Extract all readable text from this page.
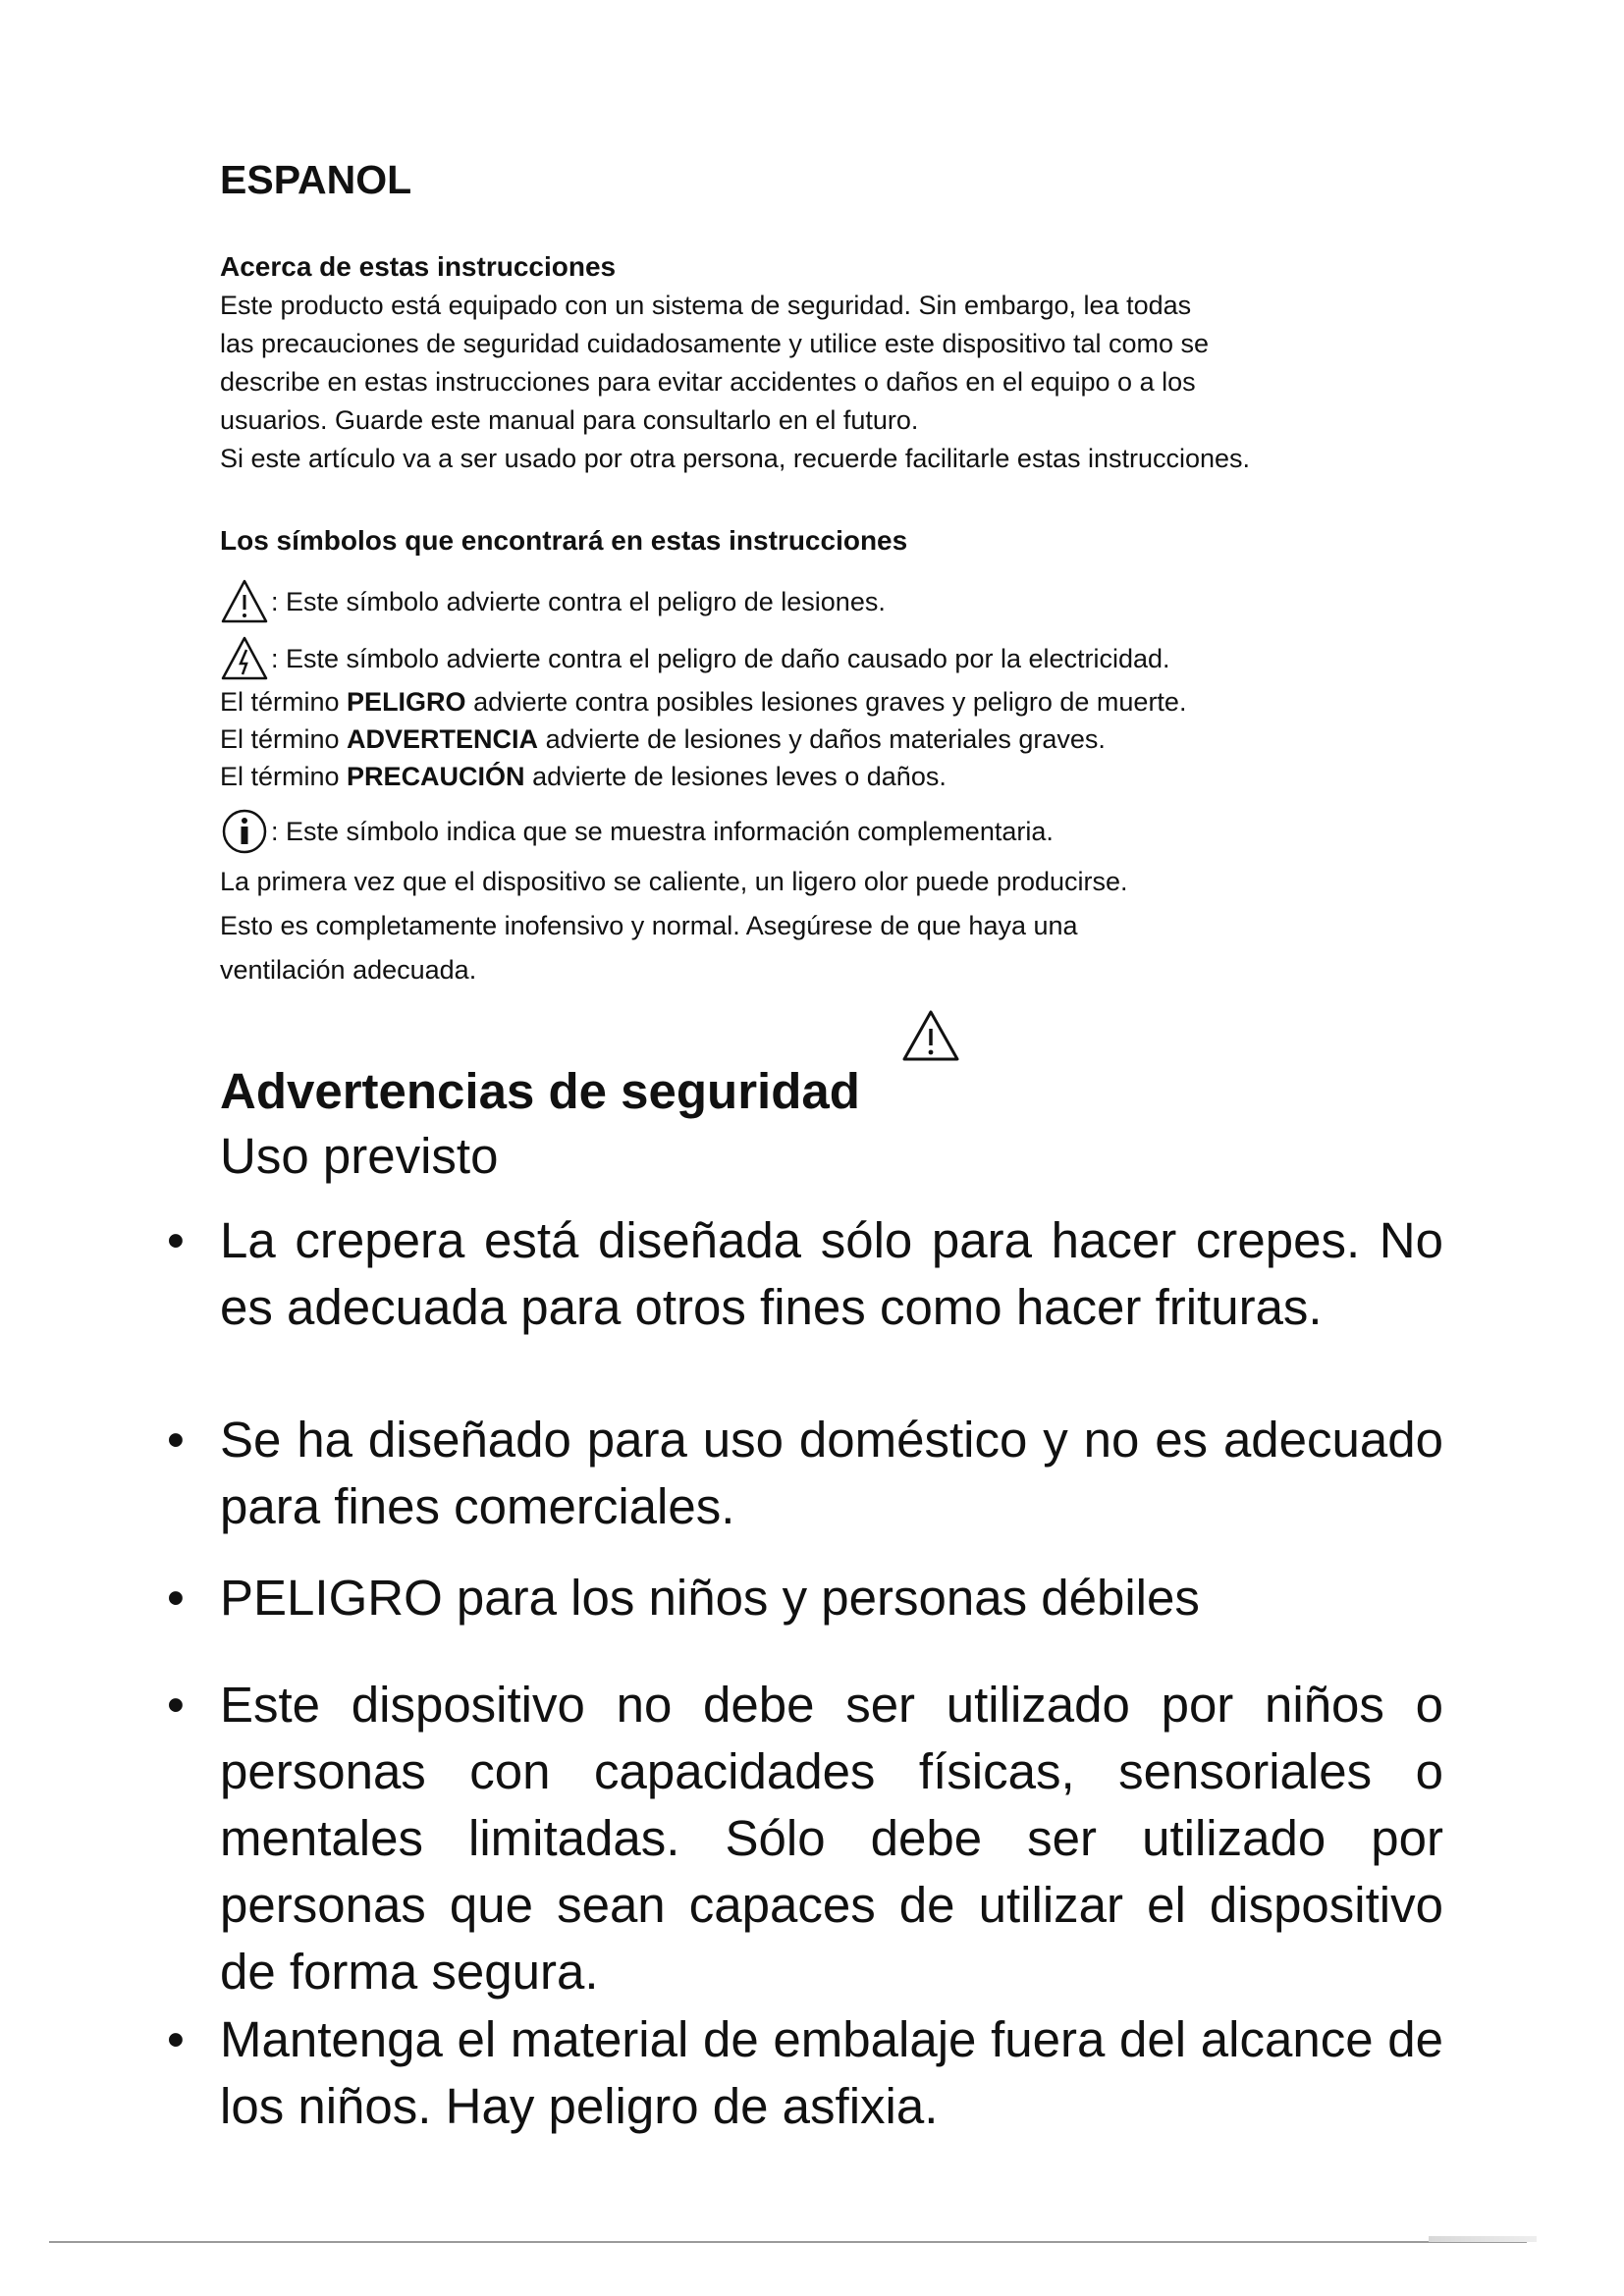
ESPANOL
Acerca de estas instrucciones

Este producto está equipado con un sistema de seguridad. Sin embargo, lea todas

las precauciones de seguridad cuidadosamente y utilice este dispositivo tal como se

describe en estas instrucciones para evitar accidentes o daños en el equipo o a los

usuarios. Guarde este manual para consultarlo en el futuro.

Si este artículo va a ser usado por otra persona, recuerde facilitarle estas instrucciones.

Los símbolos que encontrará en estas instrucciones
: Este símbolo advierte contra el peligro de lesiones.
: Este símbolo advierte contra el peligro de daño causado por la electricidad.
El término PELIGRO advierte contra posibles lesiones graves y peligro de muerte.
El término ADVERTENCIA advierte de lesiones y daños materiales graves.
El término PRECAUCIÓN advierte de lesiones leves o daños.
: Este símbolo indica que se muestra información complementaria.
La primera vez que el dispositivo se caliente, un ligero olor puede producirse.
Esto es completamente inofensivo y normal. Asegúrese de que haya una
ventilación adecuada.
Advertencias de seguridad
Uso previsto
• La crepera está diseñada sólo para hacer crepes. No es adecuada para otros fines como hacer frituras.
• Se ha diseñado para uso doméstico y no es adecuado para fines comerciales.
• PELIGRO para los niños y personas débiles
• Este dispositivo no debe ser utilizado por niños o personas con capacidades físicas, sensoriales o mentales limitadas. Sólo debe ser utilizado por personas que sean capaces de utilizar el dispositivo de forma segura.
• Mantenga el material de embalaje fuera del alcance de los niños. Hay peligro de asfixia.
